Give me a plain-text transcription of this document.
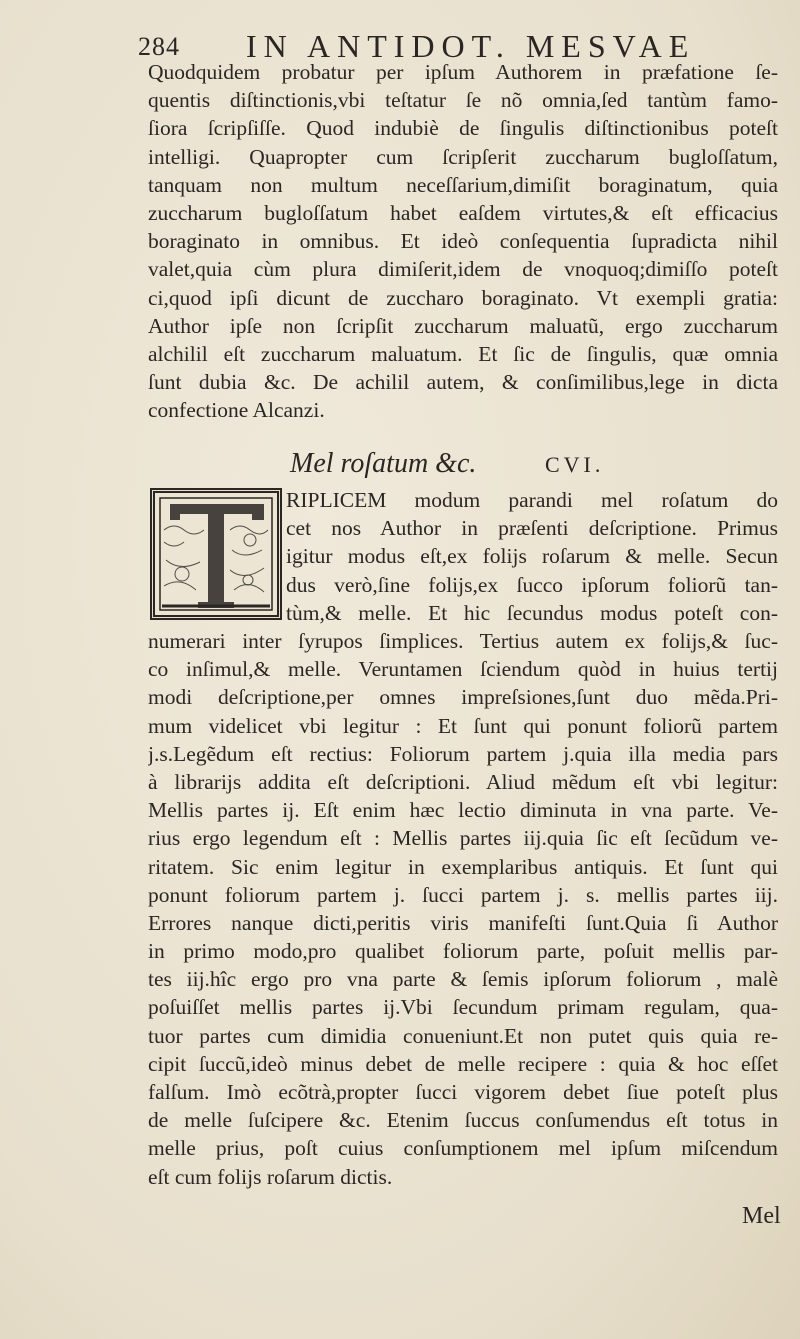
284 IN ANTIDOT. MESVAE
Quodquidem probatur per ipſum Authorem in præfatione ſe-
quentis diſtinctionis,vbi teſtatur ſe nõ omnia,ſed tantùm famo-
ſiora ſcripſiſſe. Quod indubiè de ſingulis diſtinctionibus poteſt
intelligi. Quapropter cum ſcripſerit zuccharum bugloſſatum,
tanquam non multum neceſſarium,dimiſit boraginatum, quia
zuccharum bugloſſatum habet eaſdem virtutes,& eſt efficacius
boraginato in omnibus. Et ideò conſequentia ſupradicta nihil
valet,quia cùm plura dimiſerit,idem de vnoquoq;dimiſſo poteſt
ci,quod ipſi dicunt de zuccharo boraginato. Vt exempli gratia:
Author ipſe non ſcripſit zuccharum maluatũ, ergo zuccharum
alchilil eſt zuccharum maluatum. Et ſic de ſingulis, quæ omnia
ſunt dubia &c. De achilil autem, & conſimilibus,lege in dicta
confectione Alcanzi.
Mel roſatum &c.	CVI.
RIPLICEM modum parandi mel roſatum do
cet nos Author in præſenti deſcriptione. Primus
igitur modus eſt,ex folijs roſarum & melle. Secun
dus verò,ſine folijs,ex ſucco ipſorum foliorũ tan-
tùm,& melle. Et hic ſecundus modus poteſt con-
numerari inter ſyrupos ſimplices. Tertius autem ex folijs,& ſuc-
co inſimul,& melle. Veruntamen ſciendum quòd in huius tertij
modi deſcriptione,per omnes impreſsiones,ſunt duo mẽda.Pri-
mum videlicet vbi legitur : Et ſunt qui ponunt foliorũ partem
j.s.Legẽdum eſt rectius: Foliorum partem j.quia illa media pars
à librarijs addita eſt deſcriptioni. Aliud mẽdum eſt vbi legitur:
Mellis partes ij. Eſt enim hæc lectio diminuta in vna parte. Ve-
rius ergo legendum eſt : Mellis partes iij.quia ſic eſt ſecũdum ve-
ritatem. Sic enim legitur in exemplaribus antiquis. Et ſunt qui
ponunt foliorum partem j. ſucci partem j. s. mellis partes iij.
Errores nanque dicti,peritis viris manifeſti ſunt.Quia ſi Author
in primo modo,pro qualibet foliorum parte, poſuit mellis par-
tes iij.hîc ergo pro vna parte & ſemis ipſorum foliorum , malè
poſuiſſet mellis partes ij.Vbi ſecundum primam regulam, qua-
tuor partes cum dimidia conueniunt.Et non putet quis quia re-
cipit ſuccũ,ideò minus debet de melle recipere : quia & hoc eſſet
falſum. Imò ecõtrà,propter ſucci vigorem debet ſiue poteſt plus
de melle ſuſcipere &c. Etenim ſuccus conſumendus eſt totus in
melle prius, poſt cuius conſumptionem mel ipſum miſcendum
eſt cum folijs roſarum dictis.
Mel
